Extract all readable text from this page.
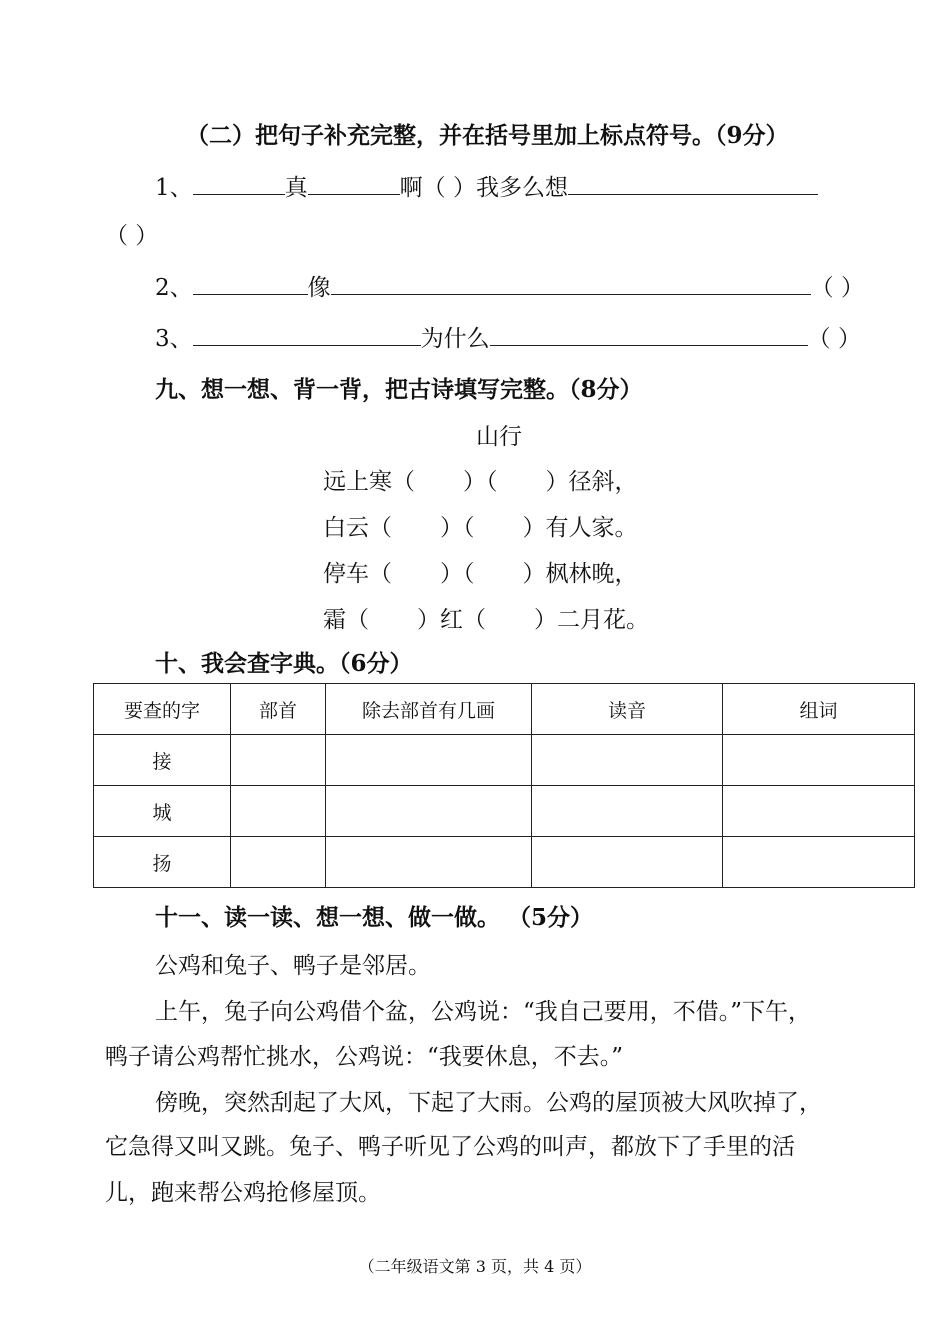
（二）把句子补充完整，并在括号里加上标点符号。（9分）
1、	真	啊（ ）我多么想
（ ）
2、	像	（ ）
3、	为什么	（ ）
九、想一想、背一背，把古诗填写完整。（8分）
山行
远上寒（ ）（ ）径斜，
白云（ ）（ ）有人家。
停车（ ）（ ）枫林晚，
霜（ ）红（ ）二月花。
十、我会查字典。（6分）
要查的字	部首	除去部首有几画	读音	组词
接				
城				
扬				
十一、读一读、想一想、做一做。 （5分）
公鸡和兔子、鸭子是邻居。
上午，兔子向公鸡借个盆，公鸡说：“我自己要用，不借。”下午，
鸭子请公鸡帮忙挑水，公鸡说：“我要休息，不去。”
傍晚，突然刮起了大风，下起了大雨。公鸡的屋顶被大风吹掉了，
它急得又叫又跳。兔子、鸭子听见了公鸡的叫声，都放下了手里的活
儿，跑来帮公鸡抢修屋顶。
（二年级语文第 3 页，共 4 页）
